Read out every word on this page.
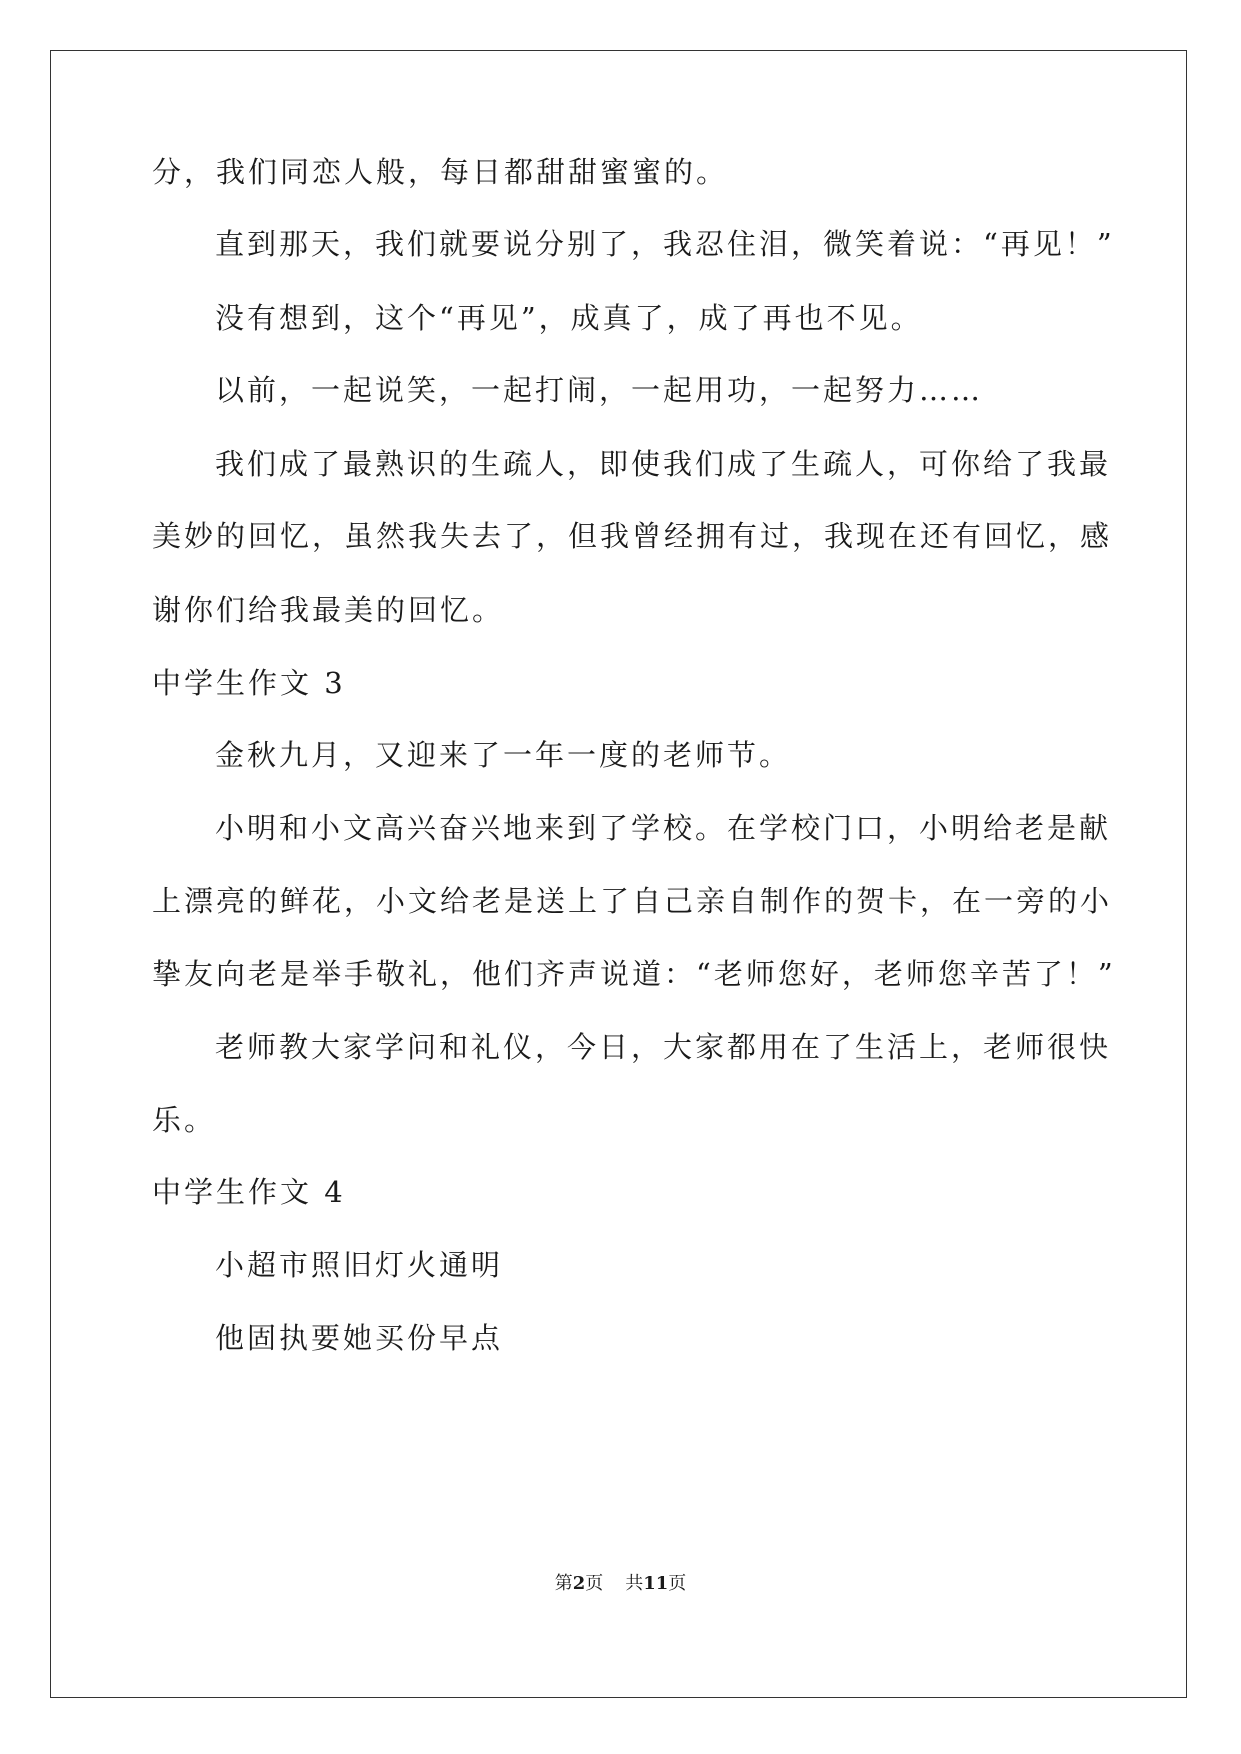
分，我们同恋人般，每日都甜甜蜜蜜的。
直到那天，我们就要说分别了，我忍住泪，微笑着说：“再见！”
没有想到，这个“再见”，成真了，成了再也不见。
以前，一起说笑，一起打闹，一起用功，一起努力……
我们成了最熟识的生疏人，即使我们成了生疏人，可你给了我最
美妙的回忆，虽然我失去了，但我曾经拥有过，我现在还有回忆，感
谢你们给我最美的回忆。
中学生作文 3
金秋九月，又迎来了一年一度的老师节。
小明和小文高兴奋兴地来到了学校。在学校门口，小明给老是献
上漂亮的鲜花，小文给老是送上了自己亲自制作的贺卡，在一旁的小
挚友向老是举手敬礼，他们齐声说道：“老师您好，老师您辛苦了！”
老师教大家学问和礼仪，今日，大家都用在了生活上，老师很快
乐。
中学生作文 4
小超市照旧灯火通明
他固执要她买份早点
第2页 共11页
